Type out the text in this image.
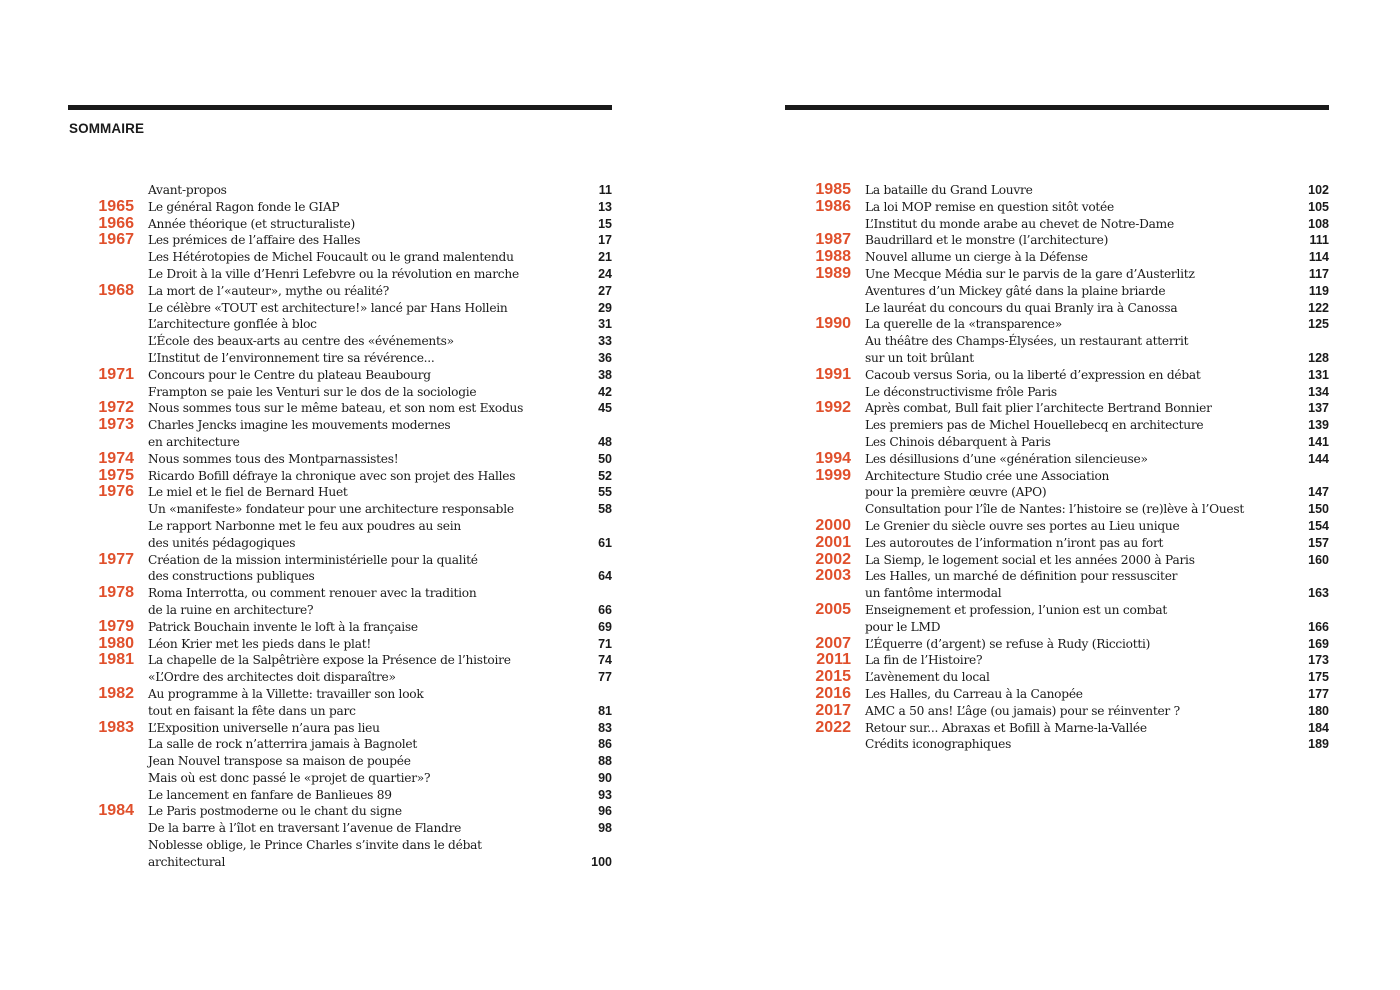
SOMMAIRE
Avant-propos	11
1965 Le général Ragon fonde le GIAP	13
1966 Année théorique (et structuraliste)	15
1967 Les prémices de l’affaire des Halles	17
Les Hétérotopies de Michel Foucault ou le grand malentendu	21
Le Droit à la ville d’Henri Lefebvre ou la révolution en marche	24
1968 La mort de l’«auteur», mythe ou réalité?	27
Le célèbre «TOUT est architecture!» lancé par Hans Hollein	29
L’architecture gonflée à bloc	31
L’École des beaux-arts au centre des «événements»	33
L’Institut de l’environnement tire sa révérence...	36
1971 Concours pour le Centre du plateau Beaubourg	38
Frampton se paie les Venturi sur le dos de la sociologie	42
1972 Nous sommes tous sur le même bateau, et son nom est Exodus	45
1973 Charles Jencks imagine les mouvements modernes
en architecture	48
1974 Nous sommes tous des Montparnassistes!	50
1975 Ricardo Bofill défraye la chronique avec son projet des Halles	52
1976 Le miel et le fiel de Bernard Huet	55
Un «manifeste» fondateur pour une architecture responsable	58
Le rapport Narbonne met le feu aux poudres au sein
des unités pédagogiques	61
1977 Création de la mission interministérielle pour la qualité
des constructions publiques	64
1978 Roma Interrotta, ou comment renouer avec la tradition
de la ruine en architecture?	66
1979 Patrick Bouchain invente le loft à la française	69
1980 Léon Krier met les pieds dans le plat!	71
1981 La chapelle de la Salpêtrière expose la Présence de l’histoire	74
«L’Ordre des architectes doit disparaître»	77
1982 Au programme à la Villette: travailler son look
tout en faisant la fête dans un parc	81
1983 L’Exposition universelle n’aura pas lieu	83
La salle de rock n’atterrira jamais à Bagnolet	86
Jean Nouvel transpose sa maison de poupée	88
Mais où est donc passé le «projet de quartier»?	90
Le lancement en fanfare de Banlieues 89	93
1984 Le Paris postmoderne ou le chant du signe	96
De la barre à l’îlot en traversant l’avenue de Flandre	98
Noblesse oblige, le Prince Charles s’invite dans le débat
architectural	100
1985 La bataille du Grand Louvre	102
1986 La loi MOP remise en question sitôt votée	105
L’Institut du monde arabe au chevet de Notre-Dame	108
1987 Baudrillard et le monstre (l’architecture)	111
1988 Nouvel allume un cierge à la Défense	114
1989 Une Mecque Média sur le parvis de la gare d’Austerlitz	117
Aventures d’un Mickey gâté dans la plaine briarde	119
Le lauréat du concours du quai Branly ira à Canossa	122
1990 La querelle de la «transparence»	125
Au théâtre des Champs-Élysées, un restaurant atterrit
sur un toit brûlant	128
1991 Cacoub versus Soria, ou la liberté d’expression en débat	131
Le déconstructivisme frôle Paris	134
1992 Après combat, Bull fait plier l’architecte Bertrand Bonnier	137
Les premiers pas de Michel Houellebecq en architecture	139
Les Chinois débarquent à Paris	141
1994 Les désillusions d’une «génération silencieuse»	144
1999 Architecture Studio crée une Association
pour la première œuvre (APO)	147
Consultation pour l’île de Nantes: l’histoire se (re)lève à l’Ouest	150
2000 Le Grenier du siècle ouvre ses portes au Lieu unique	154
2001 Les autoroutes de l’information n’iront pas au fort	157
2002 La Siemp, le logement social et les années 2000 à Paris	160
2003 Les Halles, un marché de définition pour ressusciter
un fantôme intermodal	163
2005 Enseignement et profession, l’union est un combat
pour le LMD	166
2007 L’Équerre (d’argent) se refuse à Rudy (Ricciotti)	169
2011 La fin de l’Histoire?	173
2015 L’avènement du local	175
2016 Les Halles, du Carreau à la Canopée	177
2017 AMC a 50 ans! L’âge (ou jamais) pour se réinventer ?	180
2022 Retour sur... Abraxas et Bofill à Marne-la-Vallée	184
Crédits iconographiques	189
